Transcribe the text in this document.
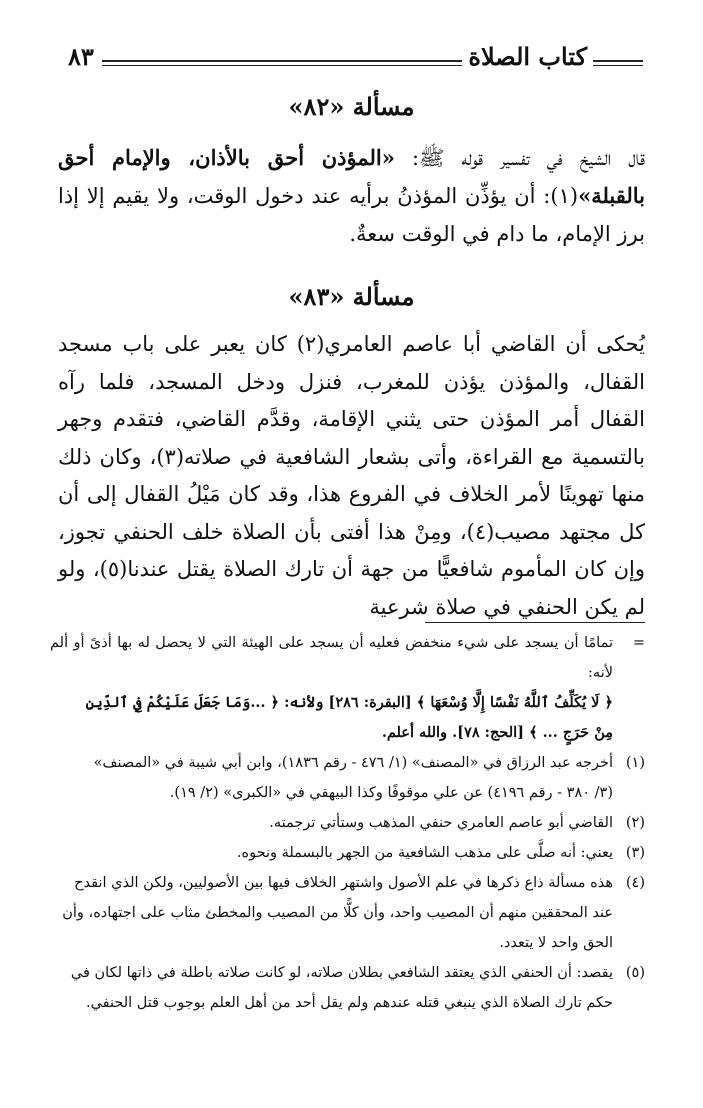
كتاب الصلاة
٨٣
مسألة «٨٢»

قال الشيخ في تفسير قوله ﷺ: «المؤذن أحق بالأذان، والإمام أحق بالقبلة»(١): أن يؤذِّن المؤذنُ برأيه عند دخول الوقت، ولا يقيم إلا إذا برز الإمام، ما دام في الوقت سعةٌ.

مسألة «٨٣»

يُحكى أن القاضي أبا عاصم العامري(٢) كان يعبر على باب مسجد القفال، والمؤذن يؤذن للمغرب، فنزل ودخل المسجد، فلما رآه القفال أمر المؤذن حتى يثني الإقامة، وقدَّم القاضي، فتقدم وجهر بالتسمية مع القراءة، وأتى بشعار الشافعية في صلاته(٣)، وكان ذلك منها تهوينًا لأمر الخلاف في الفروع هذا، وقد كان مَيْلُ القفال إلى أن كل مجتهد مصيب(٤)، ومِنْ هذا أفتى بأن الصلاة خلف الحنفي تجوز، وإن كان المأموم شافعيًّا من جهة أن تارك الصلاة يقتل عندنا(٥)، ولو لم يكن الحنفي في صلاة شرعية

=
تمامًا أن يسجد على شيء منخفض فعليه أن يسجد على الهيئة التي لا يحصل له بها أذىً أو ألم لأنه:
﴿ لَا يُكَلِّفُ ٱللَّهُ نَفْسًا إِلَّا وُسْعَهَا ﴾ [البقرة: ٢٨٦] ولأنه: ﴿ ...وَمَا جَعَلَ عَلَيْكُمْ فِي ٱلدِّينِ
مِنْ حَرَجٍ ... ﴾ [الحج: ٧٨]. والله أعلم.
(١)
أخرجه عبد الرزاق في «المصنف» (١/ ٤٧٦ - رقم ١٨٣٦)، وابن أبي شيبة في «المصنف»
(٣/ ٣٨٠ - رقم ٤١٩٦) عن علي موقوفًا وكذا البيهقي في «الكبرى» (٢/ ١٩).
(٢)
القاضي أبو عاصم العامري حنفي المذهب وستأتي ترجمته.
(٣)
يعني: أنه صلَّى على مذهب الشافعية من الجهر بالبسملة ونحوه.
(٤)
هذه مسألة ذاع ذكرها في علم الأصول واشتهر الخلاف فيها بين الأصوليين، ولكن الذي انقدح
عند المحققين منهم أن المصيب واحد، وأن كلًّا من المصيب والمخطئ مثاب على اجتهاده، وأن
الحق واحد لا يتعدد.
(٥)
يقصد: أن الحنفي الذي يعتقد الشافعي بطلان صلاته، لو كانت صلاته باطلة في ذاتها لكان في
حكم تارك الصلاة الذي ينبغي قتله عندهم ولم يقل أحد من أهل العلم بوجوب قتل الحنفي.
